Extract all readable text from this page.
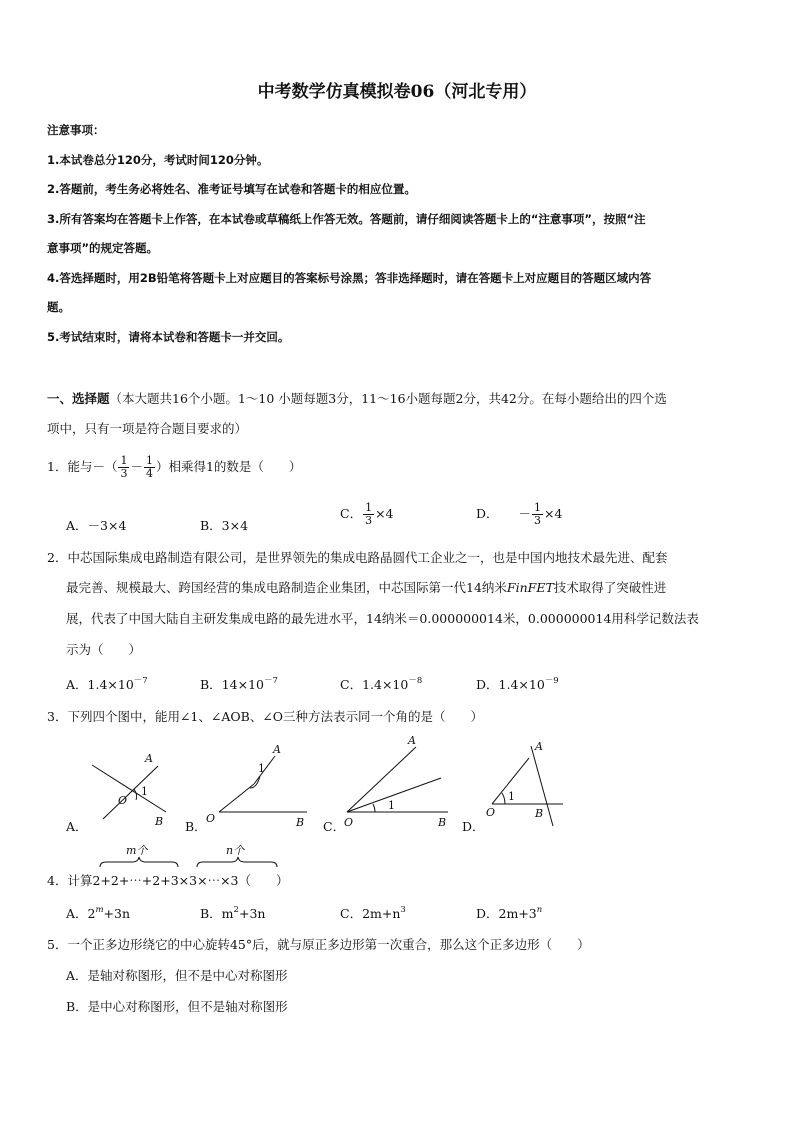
中考数学仿真模拟卷06（河北专用）
注意事项：
1.本试卷总分120分，考试时间120分钟。
2.答题前，考生务必将姓名、准考证号填写在试卷和答题卡的相应位置。
3.所有答案均在答题卡上作答，在本试卷或草稿纸上作答无效。答题前，请仔细阅读答题卡上的“注意事项”，按照“注
意事项”的规定答题。
4.答选择题时，用2B铅笔将答题卡上对应题目的答案标号涂黑；答非选择题时，请在答题卡上对应题目的答题区域内答
题。
5.考试结束时，请将本试卷和答题卡一并交回。
一、选择题（本大题共16个小题。1～10 小题每题3分，11～16小题每题2分，共42分。在每小题给出的四个选
项中，只有一项是符合题目要求的）
1．能与－（ $\frac{1}{3} - \frac{1}{4}$ ）相乘得1的数是（　　）
A．－3×4	B．3×4
C． $\frac{1}{3} \times 4$	D． － $\frac{1}{3} \times 4$
2．中芯国际集成电路制造有限公司，是世界领先的集成电路晶圆代工企业之一，也是中国内地技术最先进、配套
最完善、规模最大、跨国经营的集成电路制造企业集团，中芯国际第一代14纳米FinFET技术取得了突破性进
展，代表了中国大陆自主研发集成电路的最先进水平，14纳米＝0.000000014米，0.000000014用科学记数法表
示为（　　）
A．$1.4\times 10^{-7}$	B．$14\times 10^{-7}$	C．$1.4\times 10^{-8}$	D．$1.4\times 10^{-9}$
3．下列四个图中，能用∠1、∠AOB、∠O三种方法表示同一个角的是（　　）
A．	B．	C．	D．
A
O
B	O
A
B	O
A
B
O
A
B
1
1
1
1
m个	n个
4．计算2+2+⋯+2+3×3×⋯×3（　　）
A．$2^m+3n$	B．$m^2+3n$	C．$2m+n^3$	D．$2m+3^n$
5．一个正多边形绕它的中心旋转45°后，就与原正多边形第一次重合，那么这个正多边形（　　）
A．是轴对称图形，但不是中心对称图形
B．是中心对称图形，但不是轴对称图形
